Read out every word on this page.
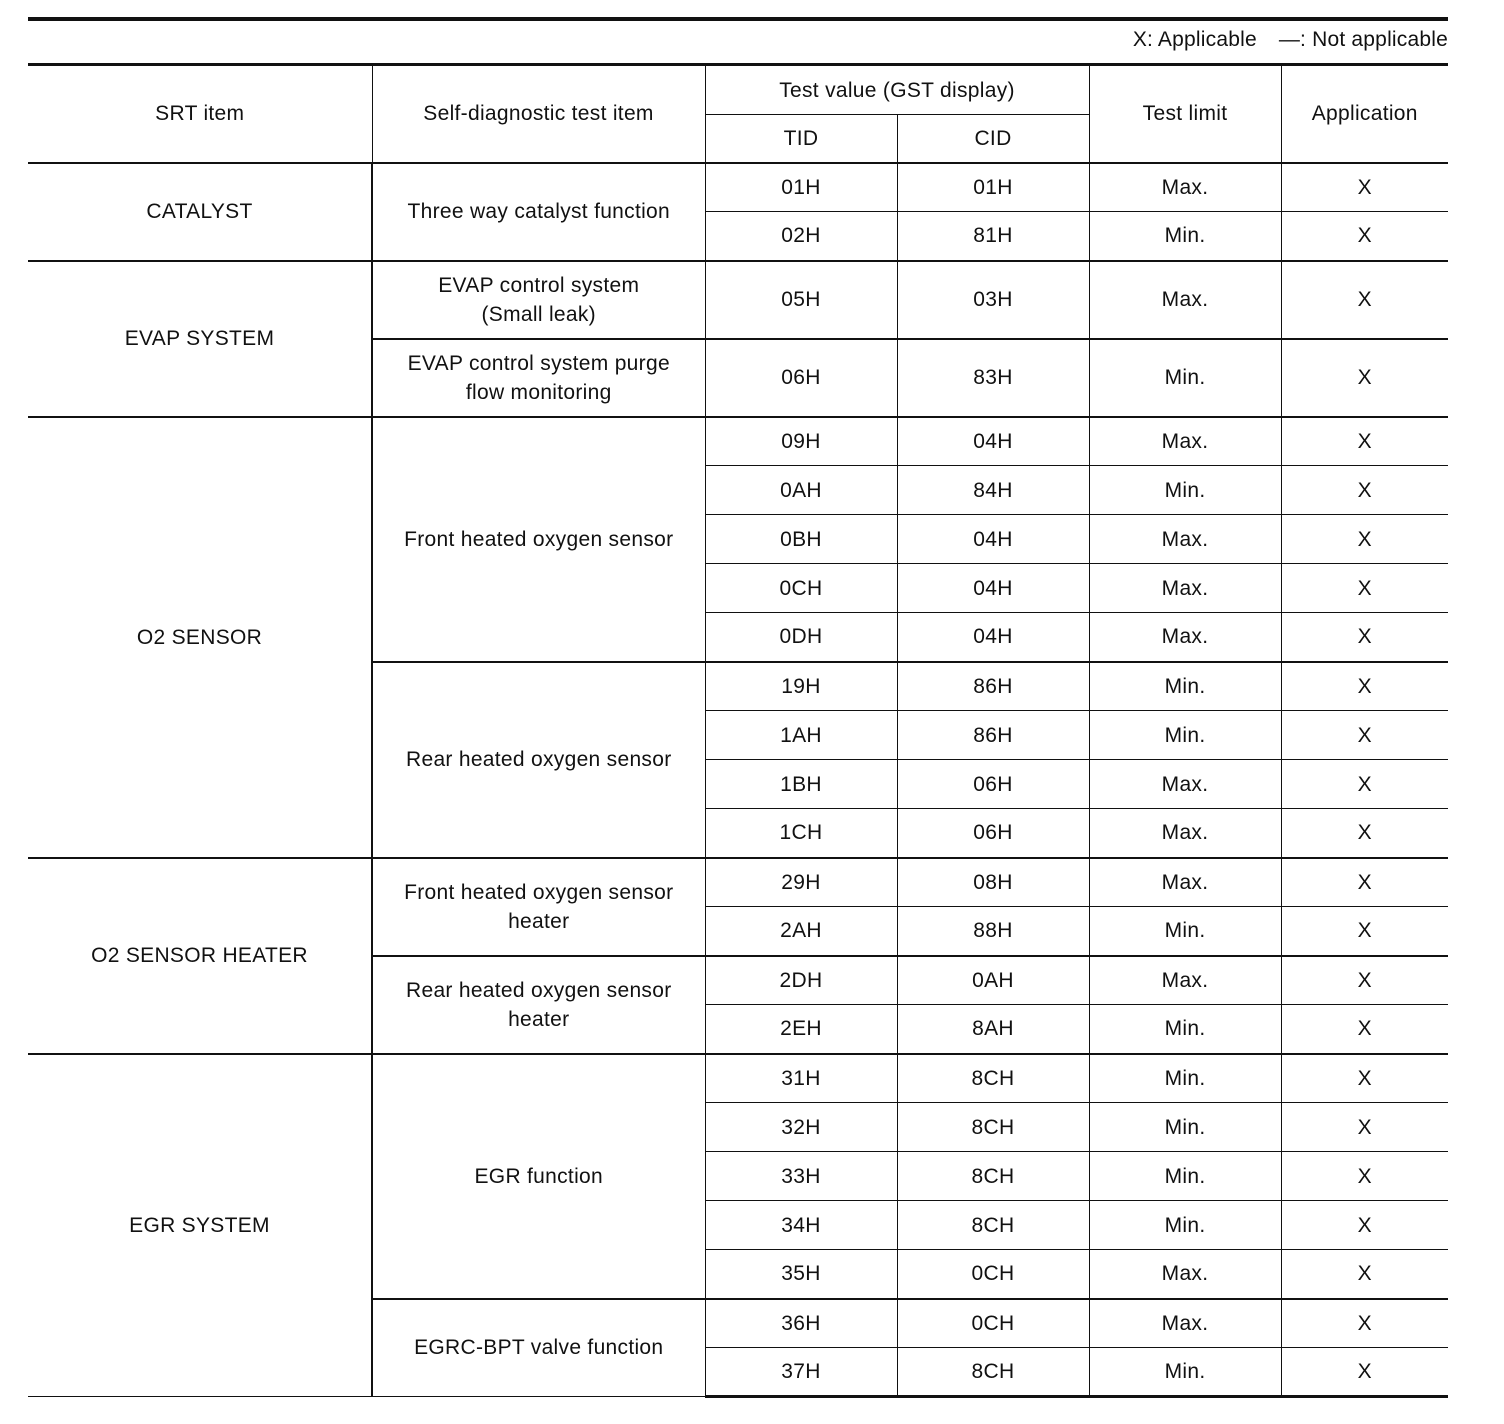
X: Applicable —: Not applicable
SRT item	Self-diagnostic test item	Test value (GST display)		Test limit	Application
		TID	CID		
CATALYST	Three way catalyst function	01H	01H	Max.	X
		02H	81H	Min.	X
EVAP SYSTEM	EVAP control system
(Small leak)	05H	03H	Max.	X

	EVAP control system purge
flow monitoring	06H	83H	Min.	X
O2 SENSOR	Front heated oxygen sensor	09H	04H	Max.	X
		0AH	84H	Min.	X
		0BH	04H	Max.	X
		0CH	04H	Max.	X
		0DH	04H	Max.	X

	Rear heated oxygen sensor	19H	86H	Min.	X
		1AH	86H	Min.	X
		1BH	06H	Max.	X
		1CH	06H	Max.	X
O2 SENSOR HEATER	Front heated oxygen sensor
heater	29H	08H	Max.	X
		2AH	88H	Min.	X

	Rear heated oxygen sensor
heater	2DH	0AH	Max.	X
		2EH	8AH	Min.	X
EGR SYSTEM	EGR function	31H	8CH	Min.	X
		32H	8CH	Min.	X
		33H	8CH	Min.	X
		34H	8CH	Min.	X
		35H	0CH	Max.	X

	EGRC-BPT valve function	36H	0CH	Max.	X
		37H	8CH	Min.	X
